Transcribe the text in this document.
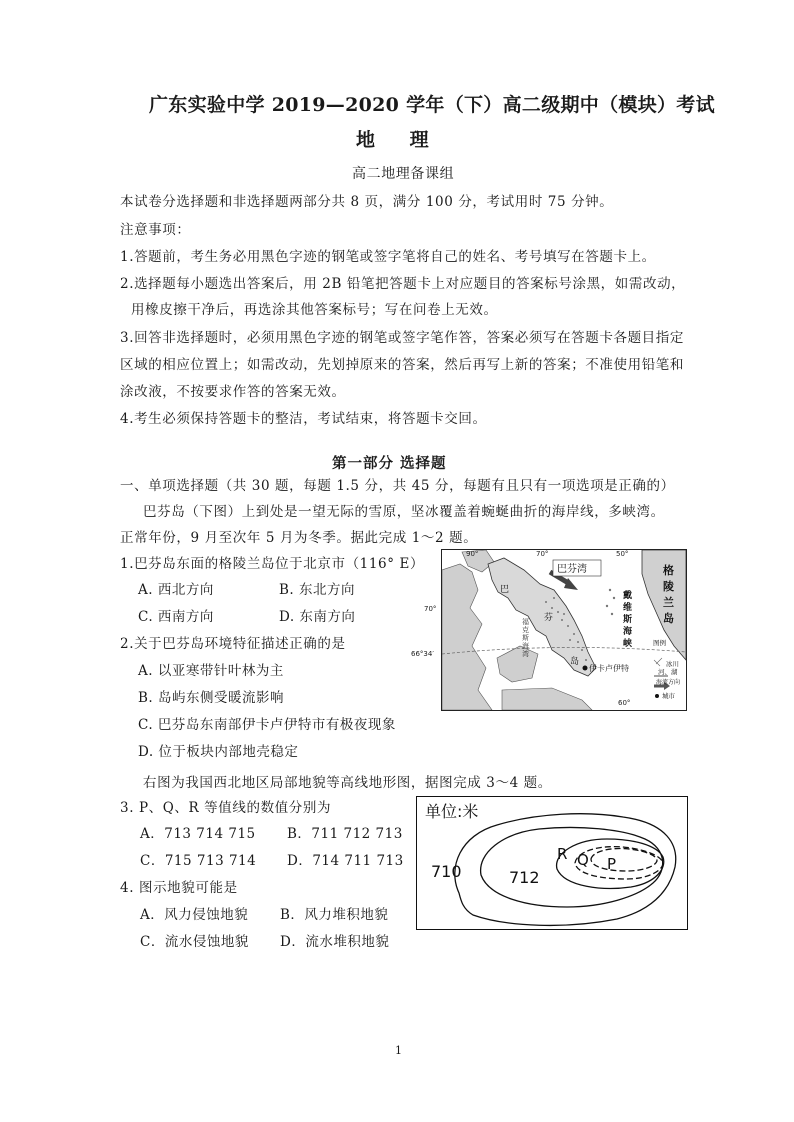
广东实验中学 2019—2020 学年（下）高二级期中（模块）考试
地 理
高二地理备课组
本试卷分选择题和非选择题两部分共 8 页，满分 100 分，考试用时 75 分钟。
注意事项：
1.答题前，考生务必用黑色字迹的钢笔或签字笔将自己的姓名、考号填写在答题卡上。
2.选择题每小题选出答案后，用 2B 铅笔把答题卡上对应题目的答案标号涂黑，如需改动，
用橡皮擦干净后，再选涂其他答案标号；写在问卷上无效。
3.回答非选择题时，必须用黑色字迹的钢笔或签字笔作答，答案必须写在答题卡各题目指定
区域的相应位置上；如需改动，先划掉原来的答案，然后再写上新的答案；不准使用铅笔和
涂改液，不按要求作答的答案无效。
4.考生必须保持答题卡的整洁，考试结束，将答题卡交回。
第一部分 选择题
一、单项选择题（共 30 题，每题 1.5 分，共 45 分，每题有且只有一项选项是正确的）
巴芬岛（下图）上到处是一望无际的雪原，坚冰覆盖着蜿蜒曲折的海岸线，多峡湾。
正常年份，9 月至次年 5 月为冬季。据此完成 1～2 题。
1.巴芬岛东面的格陵兰岛位于北京市（116° E）
A. 西北方向	B. 东北方向
C. 西南方向	D. 东南方向
2.关于巴芬岛环境特征描述正确的是
A. 以亚寒带针叶林为主
B. 岛屿东侧受暖流影响
C. 巴芬岛东南部伊卡卢伊特市有极夜现象
D. 位于板块内部地壳稳定
90°	70°	50°
60°
巴芬湾	格
陵
兰
岛
戴
维
斯
海
峡
巴
芬
岛
福
克
斯
海
湾
伊卡卢伊特
图例
冰川
河、湖
海流方向
城市
70°
66°34′
右图为我国西北地区局部地貌等高线地形图，据图完成 3～4 题。
3. P、Q、R 等值线的数值分别为
A．713 714 715 B．711 712 713
C．715 713 714 D．714 711 713
4. 图示地貌可能是
A．风力侵蚀地貌 B．风力堆积地貌
C．流水侵蚀地貌 D．流水堆积地貌
单位:米
710	712
R Q P
1
